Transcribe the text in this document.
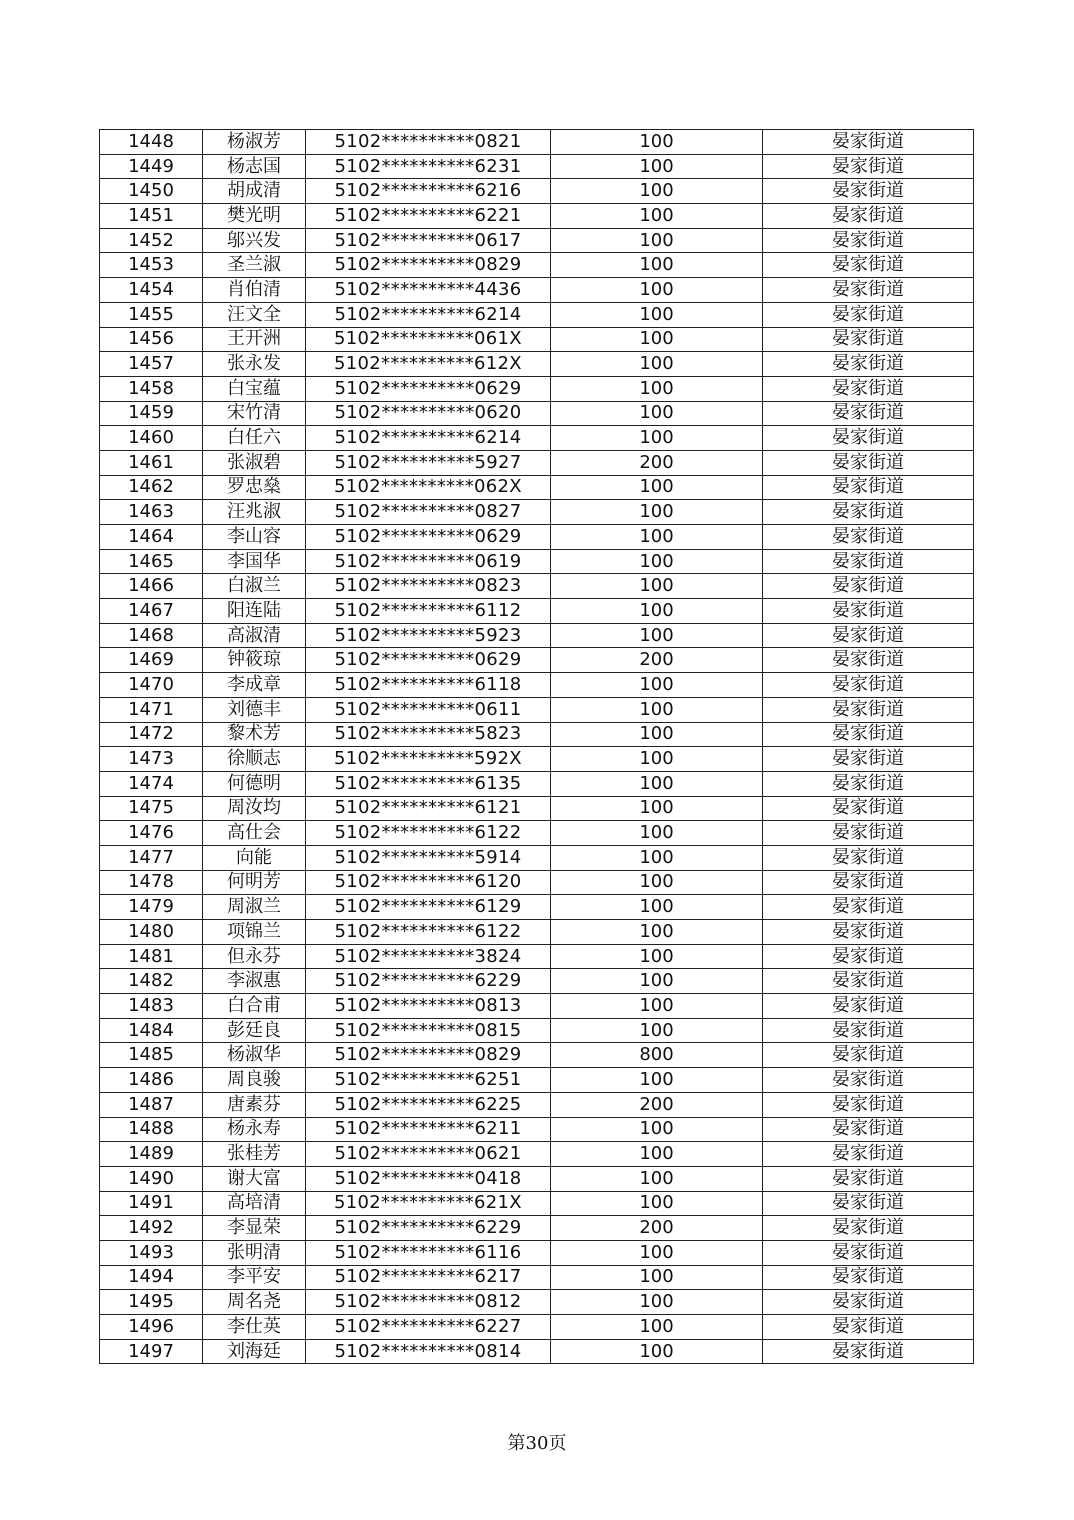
1448	杨淑芳	5102**********0821	100	晏家街道
1449	杨志国	5102**********6231	100	晏家街道
1450	胡成清	5102**********6216	100	晏家街道
1451	樊光明	5102**********6221	100	晏家街道
1452	邬兴发	5102**********0617	100	晏家街道
1453	圣兰淑	5102**********0829	100	晏家街道
1454	肖伯清	5102**********4436	100	晏家街道
1455	汪文全	5102**********6214	100	晏家街道
1456	王开洲	5102**********061X	100	晏家街道
1457	张永发	5102**********612X	100	晏家街道
1458	白宝蕴	5102**********0629	100	晏家街道
1459	宋竹清	5102**********0620	100	晏家街道
1460	白任六	5102**********6214	100	晏家街道
1461	张淑碧	5102**********5927	200	晏家街道
1462	罗忠燊	5102**********062X	100	晏家街道
1463	汪兆淑	5102**********0827	100	晏家街道
1464	李山容	5102**********0629	100	晏家街道
1465	李国华	5102**********0619	100	晏家街道
1466	白淑兰	5102**********0823	100	晏家街道
1467	阳连陆	5102**********6112	100	晏家街道
1468	高淑清	5102**********5923	100	晏家街道
1469	钟筱琼	5102**********0629	200	晏家街道
1470	李成章	5102**********6118	100	晏家街道
1471	刘德丰	5102**********0611	100	晏家街道
1472	黎术芳	5102**********5823	100	晏家街道
1473	徐顺志	5102**********592X	100	晏家街道
1474	何德明	5102**********6135	100	晏家街道
1475	周汝均	5102**********6121	100	晏家街道
1476	高仕会	5102**********6122	100	晏家街道
1477	向能	5102**********5914	100	晏家街道
1478	何明芳	5102**********6120	100	晏家街道
1479	周淑兰	5102**********6129	100	晏家街道
1480	项锦兰	5102**********6122	100	晏家街道
1481	但永芬	5102**********3824	100	晏家街道
1482	李淑惠	5102**********6229	100	晏家街道
1483	白合甫	5102**********0813	100	晏家街道
1484	彭廷良	5102**********0815	100	晏家街道
1485	杨淑华	5102**********0829	800	晏家街道
1486	周良骏	5102**********6251	100	晏家街道
1487	唐素芬	5102**********6225	200	晏家街道
1488	杨永寿	5102**********6211	100	晏家街道
1489	张桂芳	5102**********0621	100	晏家街道
1490	谢大富	5102**********0418	100	晏家街道
1491	高培清	5102**********621X	100	晏家街道
1492	李显荣	5102**********6229	200	晏家街道
1493	张明清	5102**********6116	100	晏家街道
1494	李平安	5102**********6217	100	晏家街道
1495	周名尧	5102**********0812	100	晏家街道
1496	李仕英	5102**********6227	100	晏家街道
1497	刘海廷	5102**********0814	100	晏家街道
第30页
